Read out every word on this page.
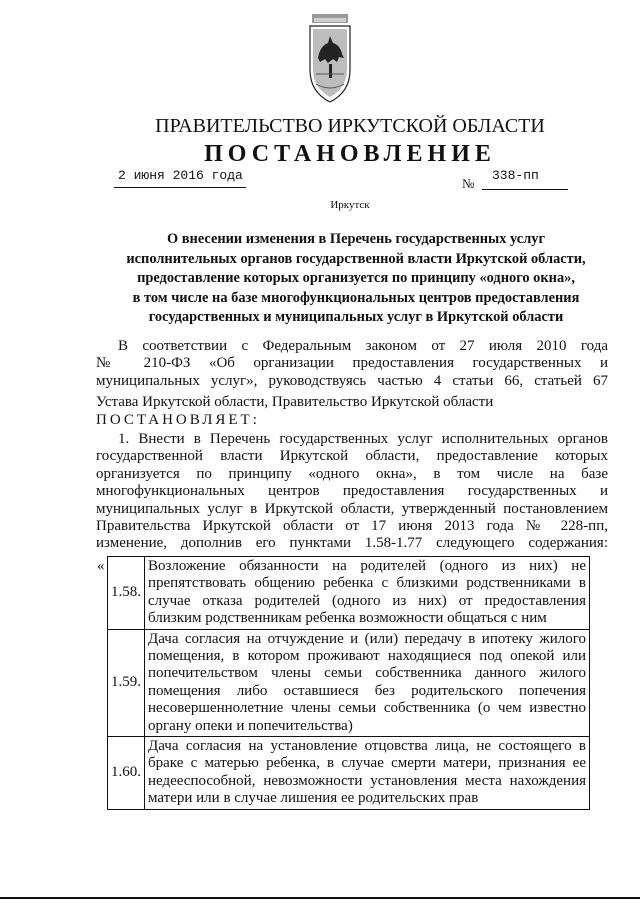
ПРАВИТЕЛЬСТВО ИРКУТСКОЙ ОБЛАСТИ
ПОСТАНОВЛЕНИЕ
2 июня 2016 года
№
338-пп
Иркутск
О внесении изменения в Перечень государственных услуг
исполнительных органов государственной власти Иркутской области,
предоставление которых организуется по принципу «одного окна»,
в том числе на базе многофункциональных центров предоставления
государственных и муниципальных услуг в Иркутской области
В соответствии с Федеральным законом от 27 июля 2010 года
№ 210-ФЗ «Об организации предоставления государственных и
муниципальных услуг», руководствуясь частью 4 статьи 66, статьей 67
Устава Иркутской области, Правительство Иркутской области
ПОСТАНОВЛЯЕТ:
1. Внести в Перечень государственных услуг исполнительных органов
государственной власти Иркутской области, предоставление которых
организуется по принципу «одного окна», в том числе на базе
многофункциональных центров предоставления государственных и
муниципальных услуг в Иркутской области, утвержденный постановлением
Правительства Иркутской области от 17 июня 2013 года № 228-пп,
изменение, дополнив его пунктами 1.58-1.77 следующего содержания:
«
1.58.	Возложение обязанности на родителей (одного из них) не препятствовать общению ребенка с близкими родственниками в случае отказа родителей (одного из них) от предоставления близким родственникам ребенка возможности общаться с ним
1.59.	Дача согласия на отчуждение и (или) передачу в ипотеку жилого помещения, в котором проживают находящиеся под опекой или попечительством члены семьи собственника данного жилого помещения либо оставшиеся без родительского попечения несовершеннолетние члены семьи собственника (о чем известно органу опеки и попечительства)
1.60.	Дача согласия на установление отцовства лица, не состоящего в браке с матерью ребенка, в случае смерти матери, признания ее недееспособной, невозможности установления места нахождения матери или в случае лишения ее родительских прав
